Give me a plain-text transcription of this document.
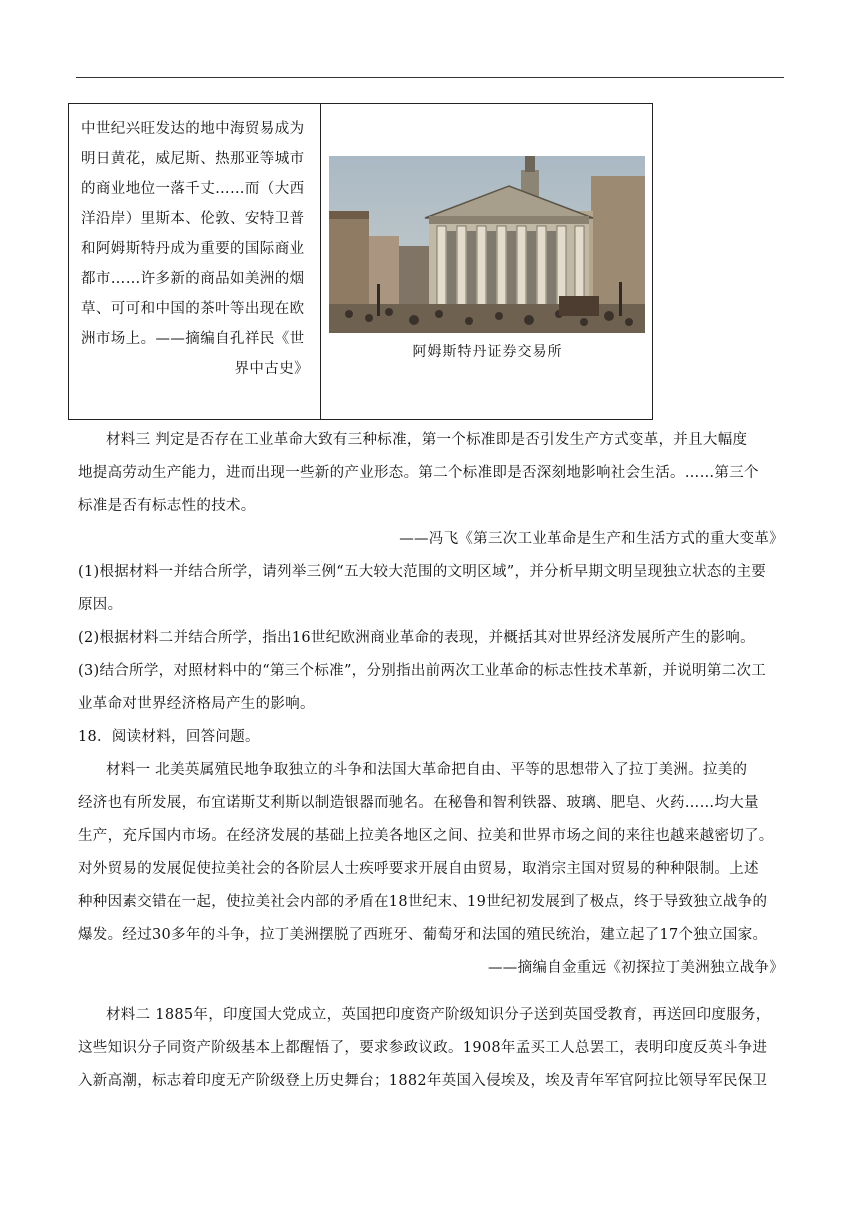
中世纪兴旺发达的地中海贸易成为
明日黄花，威尼斯、热那亚等城市
的商业地位一落千丈……而（大西
洋沿岸）里斯本、伦敦、安特卫普
和阿姆斯特丹成为重要的国际商业
都市……许多新的商品如美洲的烟
草、可可和中国的茶叶等出现在欧
洲市场上。——摘编自孔祥民《世
界中古史》
阿姆斯特丹证券交易所
材料三 判定是否存在工业革命大致有三种标准，第一个标准即是否引发生产方式变革，并且大幅度
地提高劳动生产能力，进而出现一些新的产业形态。第二个标准即是否深刻地影响社会生活。……第三个
标准是否有标志性的技术。
——冯飞《第三次工业革命是生产和生活方式的重大变革》
(1)根据材料一并结合所学，请列举三例“五大较大范围的文明区域”，并分析早期文明呈现独立状态的主要
原因。
(2)根据材料二并结合所学，指出16世纪欧洲商业革命的表现，并概括其对世界经济发展所产生的影响。
(3)结合所学，对照材料中的“第三个标准”，分别指出前两次工业革命的标志性技术革新，并说明第二次工
业革命对世界经济格局产生的影响。
18．阅读材料，回答问题。
材料一 北美英属殖民地争取独立的斗争和法国大革命把自由、平等的思想带入了拉丁美洲。拉美的
经济也有所发展，布宜诺斯艾利斯以制造银器而驰名。在秘鲁和智利铁器、玻璃、肥皂、火药……均大量
生产，充斥国内市场。在经济发展的基础上拉美各地区之间、拉美和世界市场之间的来往也越来越密切了。
对外贸易的发展促使拉美社会的各阶层人士疾呼要求开展自由贸易，取消宗主国对贸易的种种限制。上述
种种因素交错在一起，使拉美社会内部的矛盾在18世纪末、19世纪初发展到了极点，终于导致独立战争的
爆发。经过30多年的斗争，拉丁美洲摆脱了西班牙、葡萄牙和法国的殖民统治，建立起了17个独立国家。
——摘编自金重远《初探拉丁美洲独立战争》
材料二 1885年，印度国大党成立，英国把印度资产阶级知识分子送到英国受教育，再送回印度服务，
这些知识分子同资产阶级基本上都醒悟了，要求参政议政。1908年孟买工人总罢工，表明印度反英斗争进
入新高潮，标志着印度无产阶级登上历史舞台；1882年英国入侵埃及，埃及青年军官阿拉比领导军民保卫
